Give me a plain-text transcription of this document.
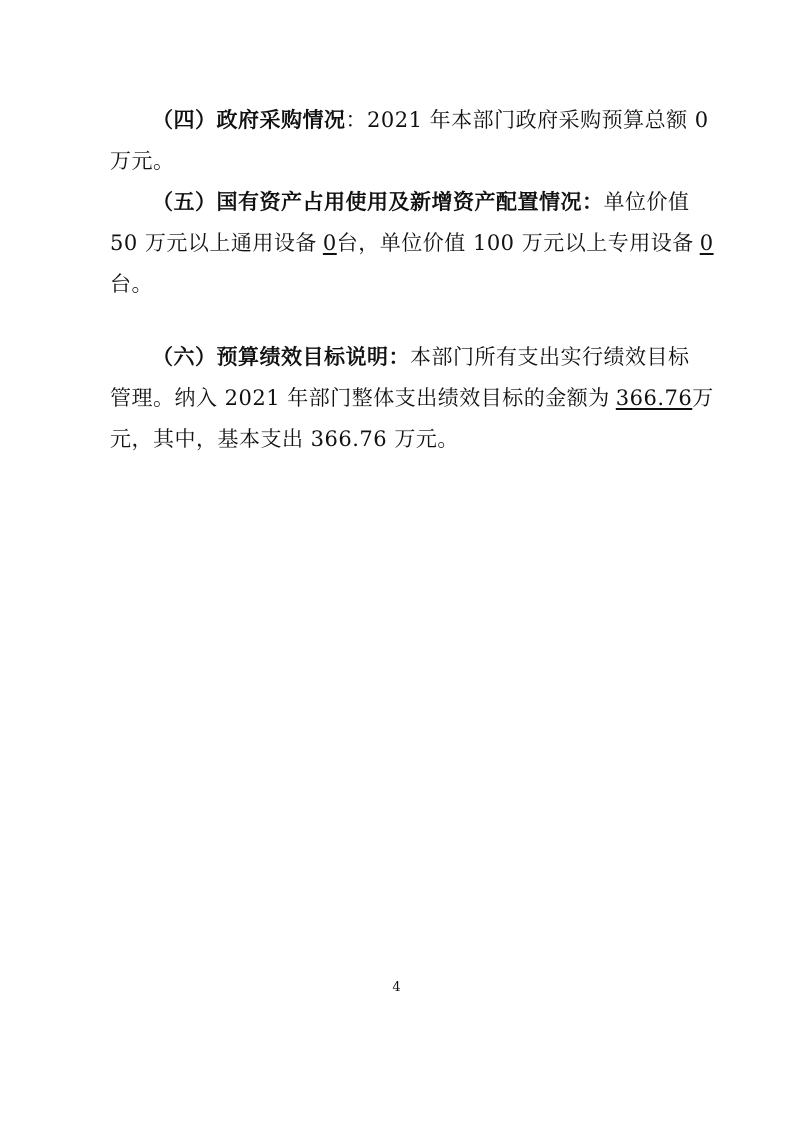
（四）政府采购情况：2021 年本部门政府采购预算总额 0
万元。
（五）国有资产占用使用及新增资产配置情况：单位价值
50 万元以上通用设备 0台，单位价值 100 万元以上专用设备 0
台。
（六）预算绩效目标说明：本部门所有支出实行绩效目标
管理。纳入 2021 年部门整体支出绩效目标的金额为 366.76万
元，其中，基本支出 366.76 万元。
4
